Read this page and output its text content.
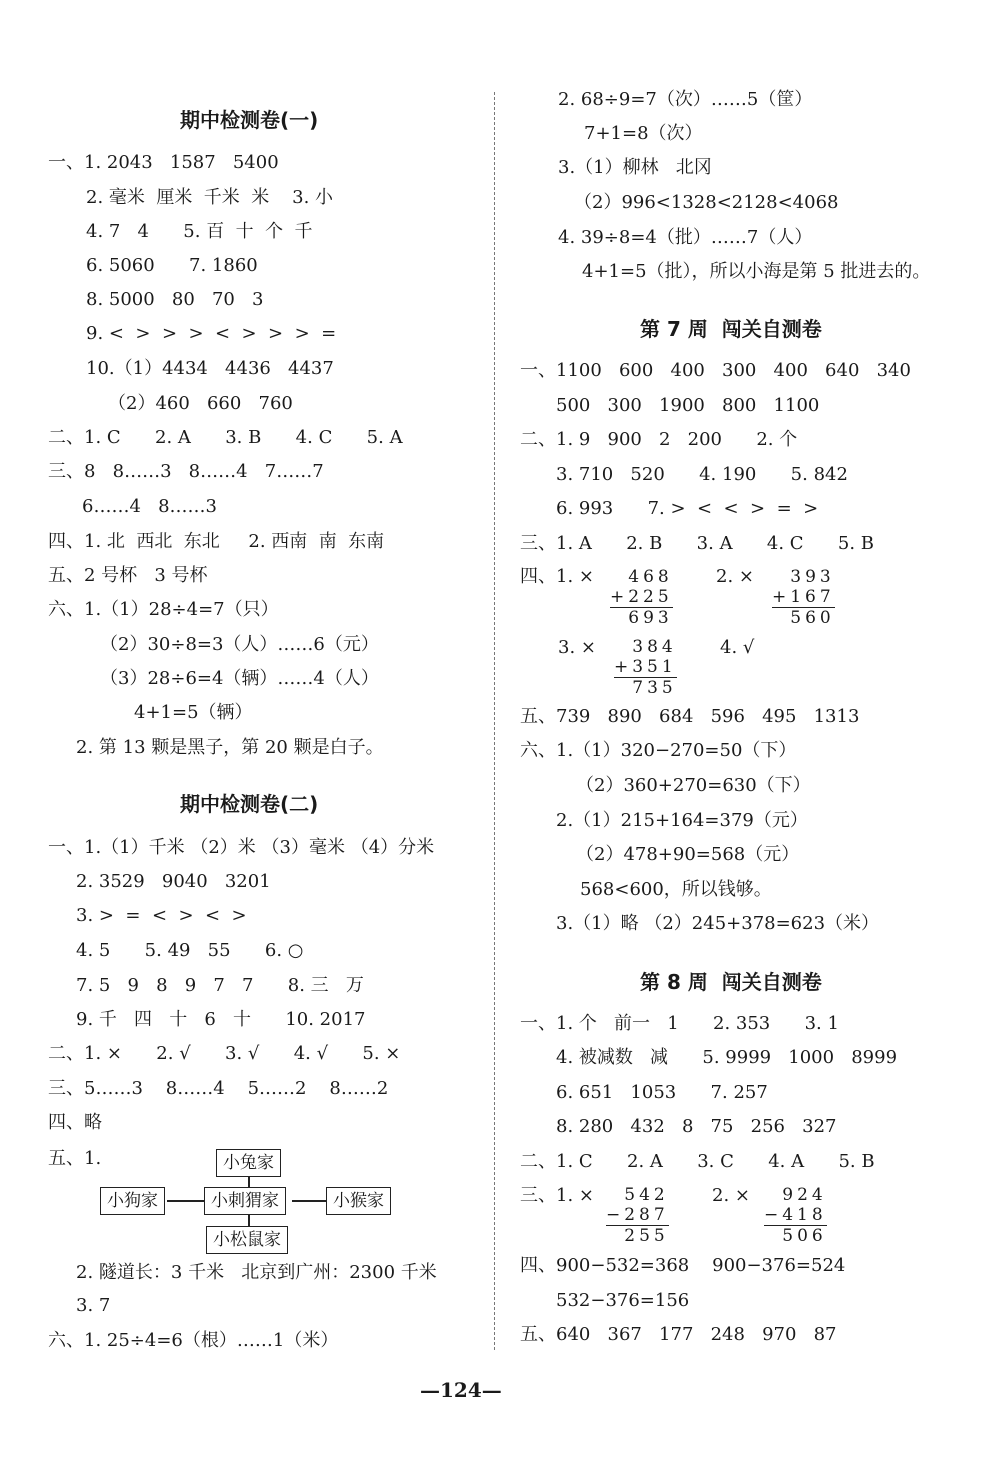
期中检测卷(一)
一、1. 2043   1587   5400
2. 毫米  厘米  千米  米    3. 小
4. 7   4      5. 百  十  个  千
6. 5060      7. 1860
8. 5000   80   70   3
9. <  >  >  >  <  >  >  >  =
10.（1）4434   4436   4437
（2）460   660   760
二、1. C      2. A      3. B      4. C      5. A
三、8   8……3   8……4   7……7
6……4   8……3
四、1. 北  西北  东北     2. 西南  南  东南
五、2 号杯   3 号杯
六、1.（1）28÷4=7（只）
（2）30÷8=3（人）……6（元）
（3）28÷6=4（辆）……4（人）
4+1=5（辆）
2. 第 13 颗是黑子，第 20 颗是白子。
期中检测卷(二)
一、1.（1）千米 （2）米 （3）毫米 （4）分米
2. 3529   9040   3201
3. >  =  <  >  <  >
4. 5      5. 49   55      6. ○
7. 5   9   8   9   7   7      8. 三   万
9. 千   四   十   6   十      10. 2017
二、1. ×      2. √      3. √      4. √      5. ×
三、5……3    8……4    5……2    8……2
四、略
五、1.	小兔家
小狗家	小刺猬家	小猴家
小松鼠家
2. 隧道长：3 千米   北京到广州：2300 千米
3. 7
六、1. 25÷4=6（根）……1（米）
2. 68÷9=7（次）……5（筐）
7+1=8（次）
3.（1）柳林   北冈
（2）996<1328<2128<4068
4. 39÷8=4（批）……7（人）
4+1=5（批），所以小海是第 5 批进去的。
第 7 周  闯关自测卷
一、1100   600   400   300   400   640   340
500   300   1900   800   1100
二、1. 9   900   2   200      2. 个
3. 710   520      4. 190      5. 842
6. 993      7. >  <  <  >  =  >
三、1. A      2. B      3. A      4. C      5. B
四、1. ×	468
+225
693
2. ×	393
+167
560
3. ×	384
+351
735
4. √
五、739   890   684   596   495   1313
六、1.（1）320−270=50（下）
（2）360+270=630（下）
2.（1）215+164=379（元）
（2）478+90=568（元）
568<600，所以钱够。
3.（1）略 （2）245+378=623（米）
第 8 周  闯关自测卷
一、1. 个   前一   1      2. 353      3. 1
4. 被减数   减      5. 9999   1000   8999
6. 651   1053      7. 257
8. 280   432   8   75   256   327
二、1. C      2. A      3. C      4. A      5. B
三、1. ×	542
−287
255
2. ×	924
−418
506
四、900−532=368    900−376=524
532−376=156
五、640   367   177   248   970   87
—124—
